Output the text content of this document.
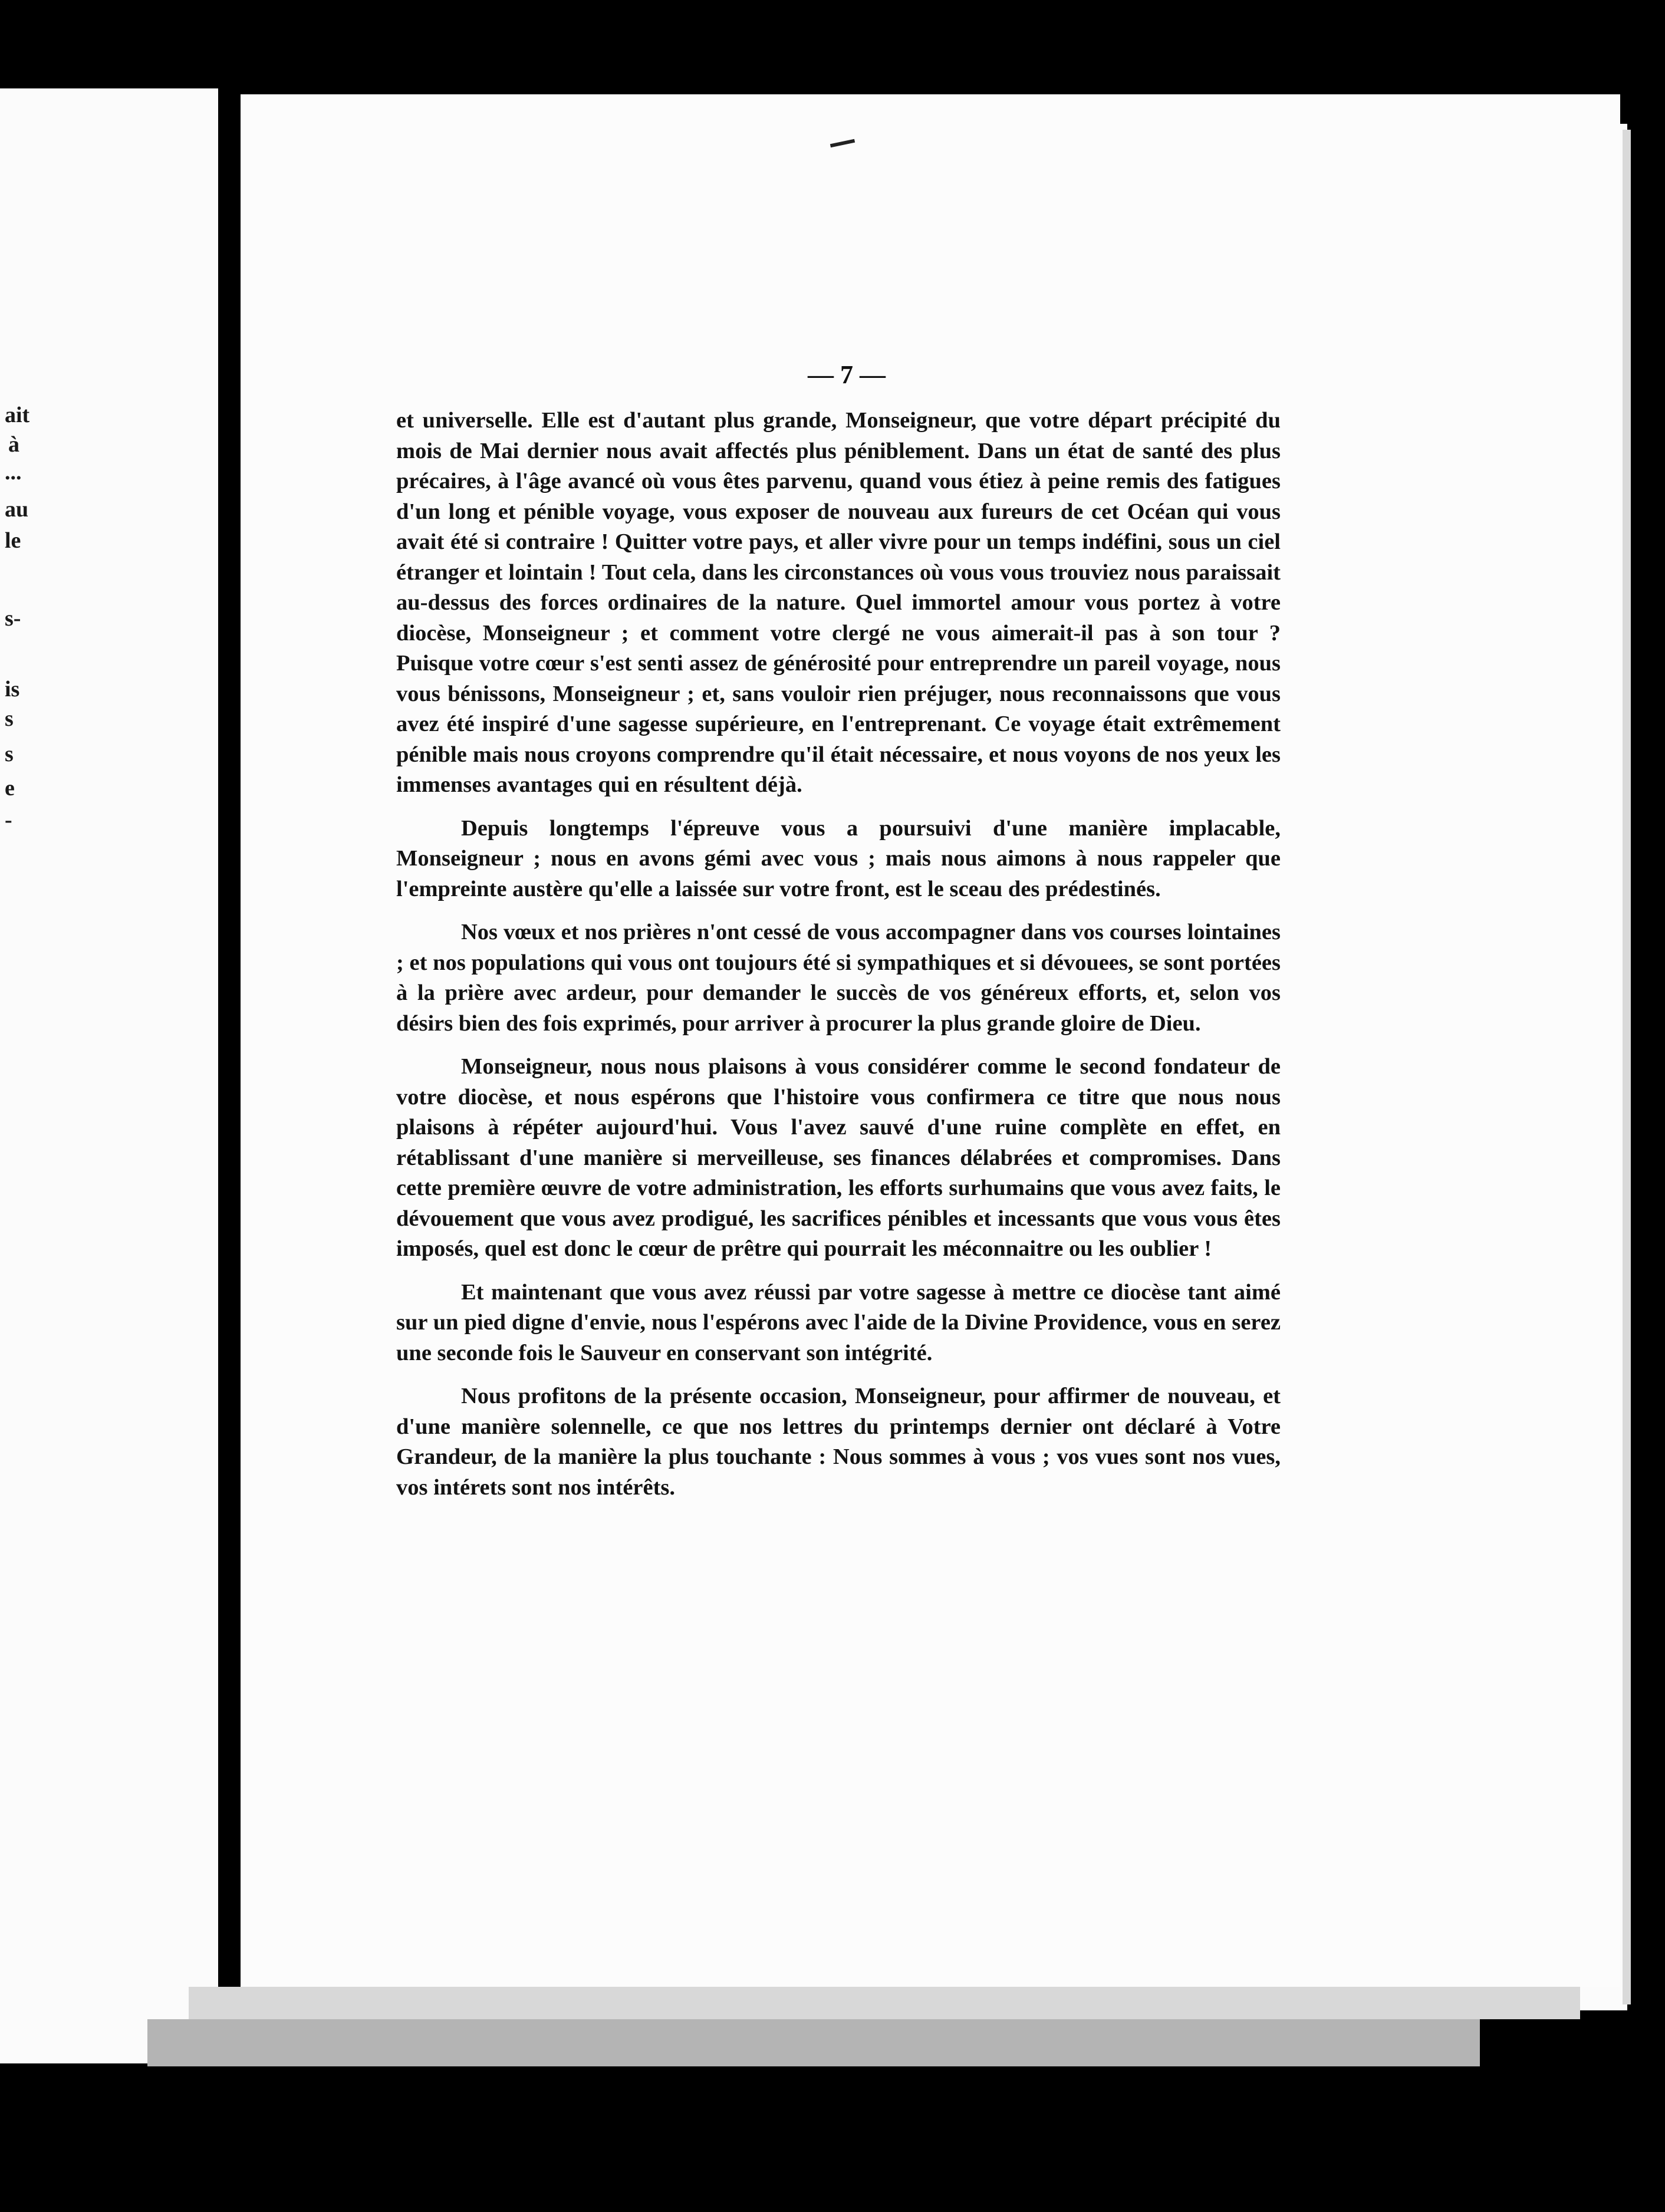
ait

à

...

au

le

s-

is

s

s

e

-

— 7 —

et universelle. Elle est d'autant plus grande, Monseigneur, que votre départ précipité du mois de Mai dernier nous avait affectés plus péniblement. Dans un état de santé des plus précaires, à l'âge avancé où vous êtes parvenu, quand vous étiez à peine remis des fatigues d'un long et pénible voyage, vous exposer de nouveau aux fureurs de cet Océan qui vous avait été si contraire ! Quitter votre pays, et aller vivre pour un temps indéfini, sous un ciel étranger et lointain ! Tout cela, dans les circonstances où vous vous trouviez nous paraissait au-dessus des forces ordinaires de la nature. Quel immortel amour vous portez à votre diocèse, Monseigneur ; et comment votre clergé ne vous aimerait-il pas à son tour ? Puisque votre cœur s'est senti assez de générosité pour entreprendre un pareil voyage, nous vous bénissons, Monseigneur ; et, sans vouloir rien préjuger, nous reconnaissons que vous avez été inspiré d'une sagesse supérieure, en l'entreprenant. Ce voyage était extrêmement pénible mais nous croyons comprendre qu'il était nécessaire, et nous voyons de nos yeux les immenses avantages qui en résultent déjà.

Depuis longtemps l'épreuve vous a poursuivi d'une manière implacable, Monseigneur ; nous en avons gémi avec vous ; mais nous aimons à nous rappeler que l'empreinte austère qu'elle a laissée sur votre front, est le sceau des prédestinés.

Nos vœux et nos prières n'ont cessé de vous accompagner dans vos courses lointaines ; et nos populations qui vous ont toujours été si sympathiques et si dévouees, se sont portées à la prière avec ardeur, pour demander le succès de vos généreux efforts, et, selon vos désirs bien des fois exprimés, pour arriver à procurer la plus grande gloire de Dieu.

Monseigneur, nous nous plaisons à vous considérer comme le second fondateur de votre diocèse, et nous espérons que l'histoire vous confirmera ce titre que nous nous plaisons à répéter aujourd'hui. Vous l'avez sauvé d'une ruine complète en effet, en rétablissant d'une manière si merveilleuse, ses finances délabrées et compromises. Dans cette première œuvre de votre administration, les efforts surhumains que vous avez faits, le dévouement que vous avez prodigué, les sacrifices pénibles et incessants que vous vous êtes imposés, quel est donc le cœur de prêtre qui pourrait les méconnaitre ou les oublier !

Et maintenant que vous avez réussi par votre sagesse à mettre ce diocèse tant aimé sur un pied digne d'envie, nous l'espérons avec l'aide de la Divine Providence, vous en serez une seconde fois le Sauveur en conservant son intégrité.

Nous profitons de la présente occasion, Monseigneur, pour affirmer de nouveau, et d'une manière solennelle, ce que nos lettres du printemps dernier ont déclaré à Votre Grandeur, de la manière la plus touchante : Nous sommes à vous ; vos vues sont nos vues, vos intérets sont nos intérêts.
